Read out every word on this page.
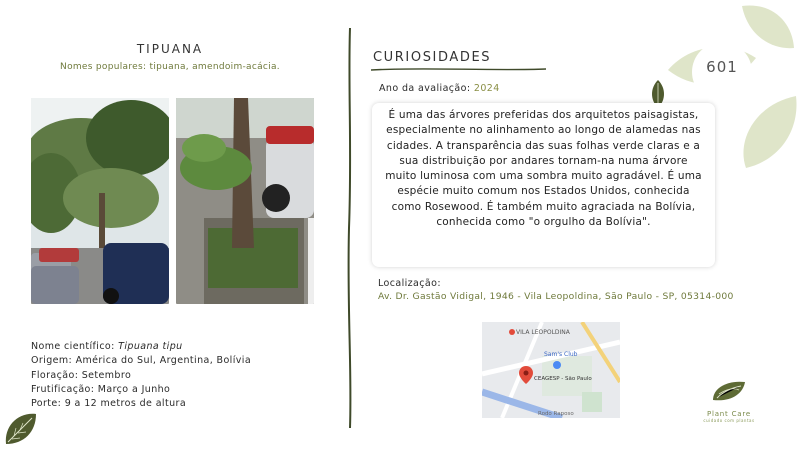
601
TIPUANA
Nomes populares: tipuana, amendoim-acácia.
Nome científico: Tipuana tipu
Origem: América do Sul, Argentina, Bolívia
Floração: Setembro
Frutificação: Março a Junho
Porte: 9 a 12 metros de altura
CURIOSIDADES
Ano da avaliação: 2024

É uma das árvores preferidas dos arquitetos paisagistas, especialmente no alinhamento ao longo de alamedas nas cidades. A transparência das suas folhas verde claras e a sua distribuição por andares tornam-na numa árvore muito luminosa com uma sombra muito agradável. É uma espécie muito comum nos Estados Unidos, conhecida como Rosewood. É também muito agraciada na Bolívia, conhecida como "o orgulho da Bolívia".

Localização:
Av. Dr. Gastão Vidigal, 1946 - Vila Leopoldina, São Paulo - SP, 05314-000
VILA LEOPOLDINA
Sam's Club
CEAGESP - São Paulo
Rodo Raposo	Plant Care
cuidado com plantas
